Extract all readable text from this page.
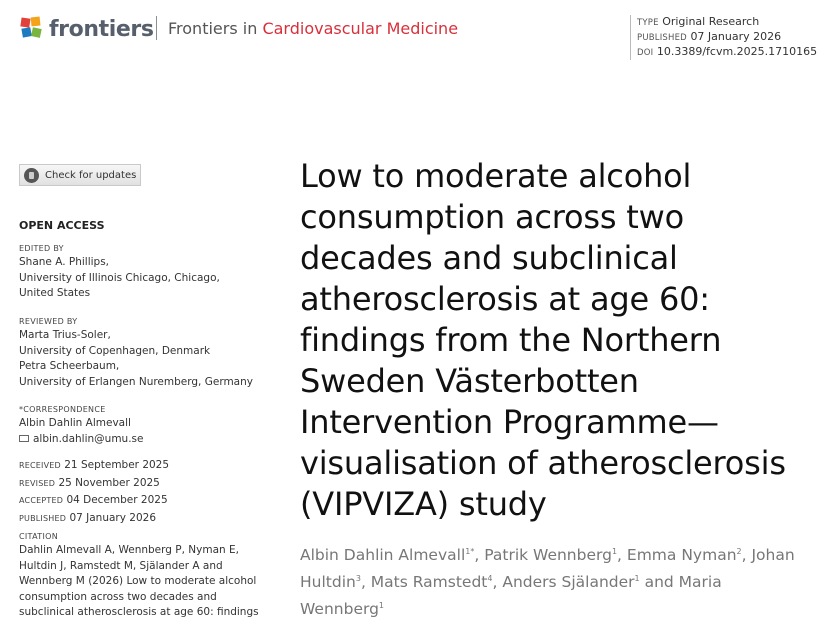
frontiers Frontiers in Cardiovascular Medicine	TYPE Original Research
PUBLISHED 07 January 2026
DOI 10.3389/fcvm.2025.1710165
Check for updates
OPEN ACCESS
EDITED BY
Shane A. Phillips,
University of Illinois Chicago, Chicago,
United States
REVIEWED BY
Marta Trius-Soler,
University of Copenhagen, Denmark
Petra Scheerbaum,
University of Erlangen Nuremberg, Germany
*CORRESPONDENCE
Albin Dahlin Almevall
albin.dahlin@umu.se
RECEIVED 21 September 2025
REVISED 25 November 2025
ACCEPTED 04 December 2025
PUBLISHED 07 January 2026
CITATION
Dahlin Almevall A, Wennberg P, Nyman E,
Hultdin J, Ramstedt M, Själander A and
Wennberg M (2026) Low to moderate alcohol
consumption across two decades and
subclinical atherosclerosis at age 60: findings
Low to moderate alcohol
consumption across two
decades and subclinical
atherosclerosis at age 60:
findings from the Northern
Sweden Västerbotten
Intervention Programme—
visualisation of atherosclerosis
(VIPVIZA) study
Albin Dahlin Almevall$^{1*}$, Patrik Wennberg$^1$, Emma Nyman$^2$, Johan Hultdin$^3$, Mats Ramstedt$^4$, Anders Själander$^1$ and Maria Wennberg$^1$
